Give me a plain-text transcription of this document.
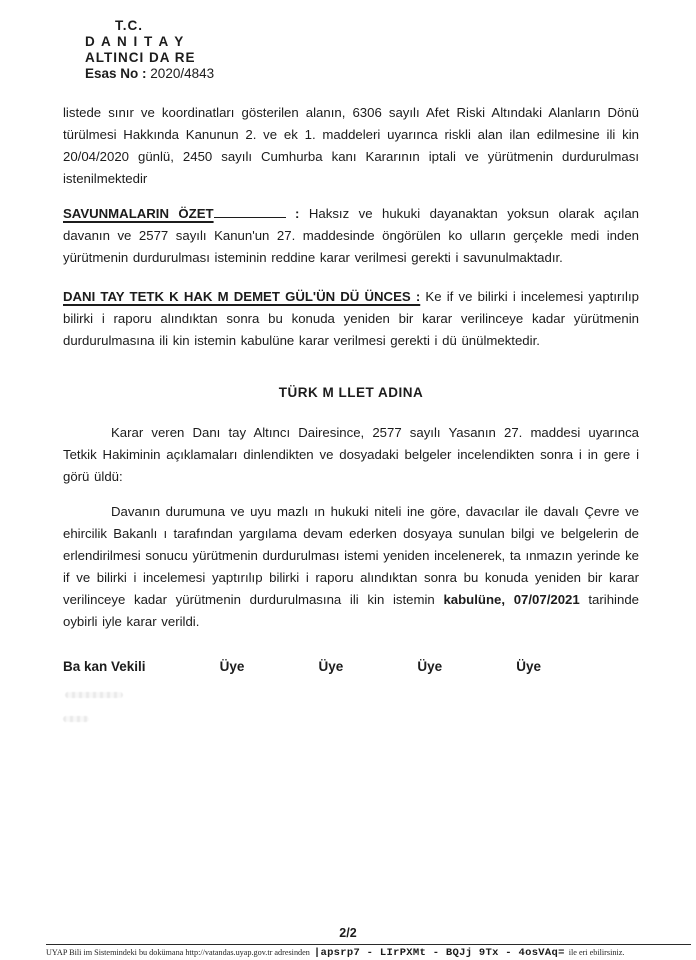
T.C.
D A N I T A Y
ALTINCI DA RE
Esas No : 2020/4843

listede sınır ve koordinatları gösterilen alanın, 6306 sayılı Afet Riski Altındaki Alanların Dönü türülmesi Hakkında Kanunun 2. ve ek 1. maddeleri uyarınca riskli alan ilan edilmesine ili kin 20/04/2020 günlü, 2450 sayılı Cumhurba kanı Kararının iptali ve yürütmenin durdurulması istenilmektedir

SAVUNMALARIN ÖZET	: Haksız ve hukuki dayanaktan yoksun olarak açılan davanın ve 2577 sayılı Kanun'un 27. maddesinde öngörülen ko ulların gerçekle medi inden yürütmenin durdurulması isteminin reddine karar verilmesi gerekti i savunulmaktadır.

DANI TAY TETK K HAK M DEMET GÜL'ÜN DÜ ÜNCES : Ke if ve bilirki i incelemesi yaptırılıp bilirki i raporu alındıktan sonra bu konuda yeniden bir karar verilinceye kadar yürütmenin durdurulmasına ili kin istemin kabulüne karar verilmesi gerekti i dü ünülmektedir.

TÜRK M LLET ADINA

Karar veren Danı tay Altıncı Dairesince, 2577 sayılı Yasanın 27. maddesi uyarınca Tetkik Hakiminin açıklamaları dinlendikten ve dosyadaki belgeler incelendikten sonra i in gere i görü üldü:

Davanın durumuna ve uyu mazlı ın hukuki niteli ine göre, davacılar ile davalı Çevre ve ehircilik Bakanlı ı tarafından yargılama devam ederken dosyaya sunulan bilgi ve belgelerin de erlendirilmesi sonucu yürütmenin durdurulması istemi yeniden incelenerek, ta ınmazın yerinde ke if ve bilirki i incelemesi yaptırılıp bilirki i raporu alındıktan sonra bu konuda yeniden bir karar verilinceye kadar yürütmenin durdurulmasına ili kin istemin kabulüne, 07/07/2021 tarihinde oybirli iyle karar verildi.

Ba kan Vekili	Üye	Üye	Üye	Üye
2/2
UYAP Bili im Sistemindeki bu dokümana http://vatandas.uyap.gov.tr adresinden |apsrp7 - LIrPXMt - BQJj 9Tx - 4osVAq= ile eri ebilirsiniz.
